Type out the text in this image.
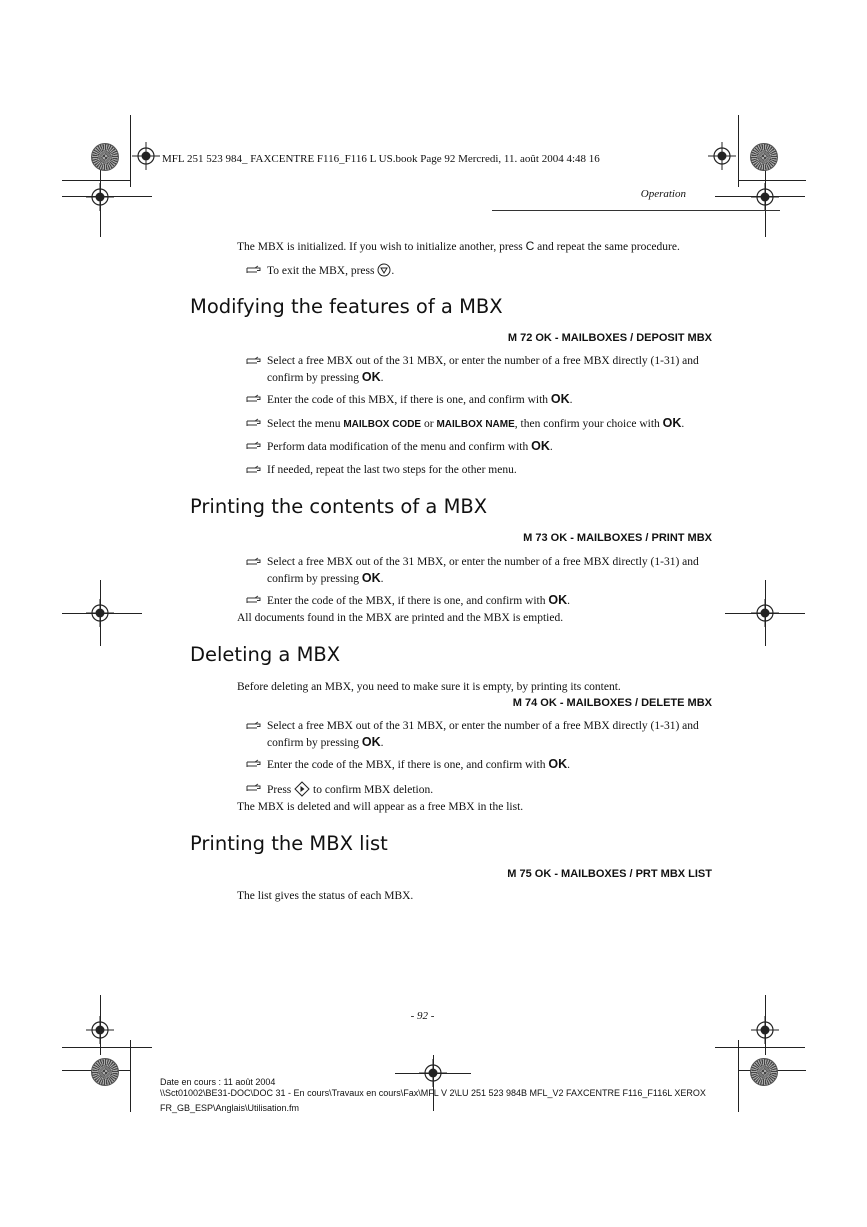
MFL 251 523 984_ FAXCENTRE F116_F116 L US.book Page 92 Mercredi, 11. août 2004 4:48 16
Operation
The MBX is initialized. If you wish to initialize another, press C and repeat the same procedure.
To exit the MBX, press .
Modifying the features of a MBX
M 72 OK - MAILBOXES / DEPOSIT MBX
Select a free MBX out of the 31 MBX, or enter the number of a free MBX directly (1-31) and
confirm by pressing OK.
Enter the code of this MBX, if there is one, and confirm with OK.
Select the menu MAILBOX CODE or MAILBOX NAME, then confirm your choice with OK.
Perform data modification of the menu and confirm with OK.
If needed, repeat the last two steps for the other menu.
Printing the contents of a MBX
M 73 OK - MAILBOXES / PRINT MBX
Select a free MBX out of the 31 MBX, or enter the number of a free MBX directly (1-31) and
confirm by pressing OK.
Enter the code of the MBX, if there is one, and confirm with OK.
All documents found in the MBX are printed and the MBX is emptied.
Deleting a MBX
Before deleting an MBX, you need to make sure it is empty, by printing its content.
M 74 OK - MAILBOXES / DELETE MBX
Select a free MBX out of the 31 MBX, or enter the number of a free MBX directly (1-31) and
confirm by pressing OK.
Enter the code of the MBX, if there is one, and confirm with OK.
Press  to confirm MBX deletion.
The MBX is deleted and will appear as a free MBX in the list.
Printing the MBX list
M 75 OK - MAILBOXES / PRT MBX LIST
The list gives the status of each MBX.
- 92 -
Date en cours : 11 août 2004
\\Sct01002\BE31-DOC\DOC 31 - En cours\Travaux en cours\Fax\MFL V 2\LU 251 523 984B MFL_V2 FAXCENTRE F116_F116L XEROX
FR_GB_ESP\Anglais\Utilisation.fm
